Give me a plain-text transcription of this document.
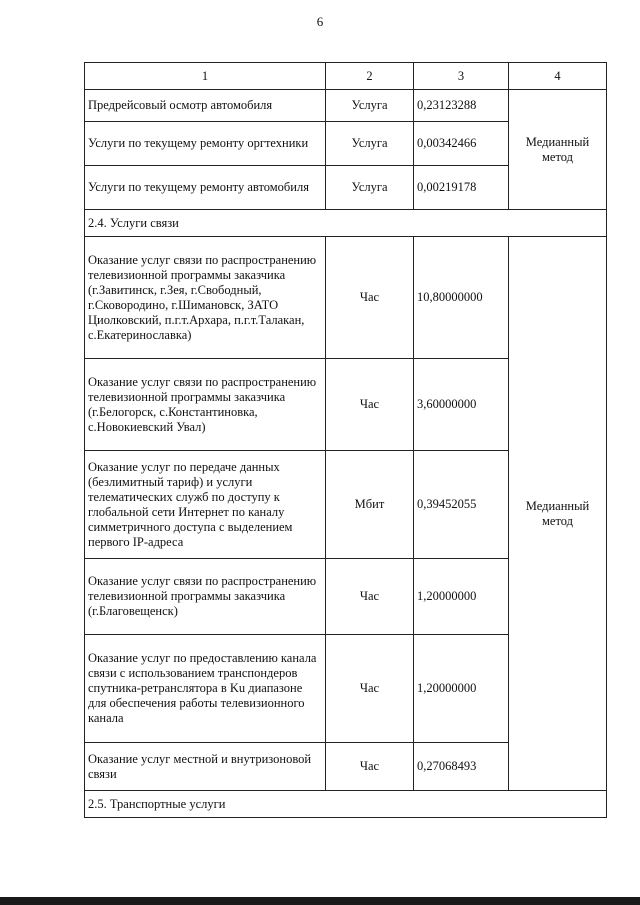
6
1	2	3	4
Предрейсовый осмотр автомобиля	Услуга	0,23123288	Медианный метод
Услуги по текущему ремонту оргтехники	Услуга	0,00342466	
Услуги по текущему ремонту автомобиля	Услуга	0,00219178	
2.4. Услуги связи			
Оказание услуг связи по распространению телевизионной программы заказчика (г.Завитинск, г.Зея, г.Свободный, г.Сковородино, г.Шимановск, ЗАТО Циолковский, п.г.т.Архара, п.г.т.Талакан, с.Екатеринославка)	Час	10,80000000	Медианный метод
Оказание услуг связи по распространению телевизионной программы заказчика (г.Белогорск, с.Константиновка, с.Новокиевский Увал)	Час	3,60000000	
Оказание услуг по передаче данных (безлимитный тариф) и услуги телематических служб по доступу к глобальной сети Интернет по каналу симметричного доступа с выделением первого IP-адреса	Мбит	0,39452055	
Оказание услуг связи по распространению телевизионной программы заказчика (г.Благовещенск)	Час	1,20000000	
Оказание услуг по предоставлению канала связи с использованием транспондеров спутника-ретранслятора в Ku диапазоне для обеспечения работы телевизионного канала	Час	1,20000000	
Оказание услуг местной и внутризоновой связи	Час	0,27068493	
2.5. Транспортные услуги			
